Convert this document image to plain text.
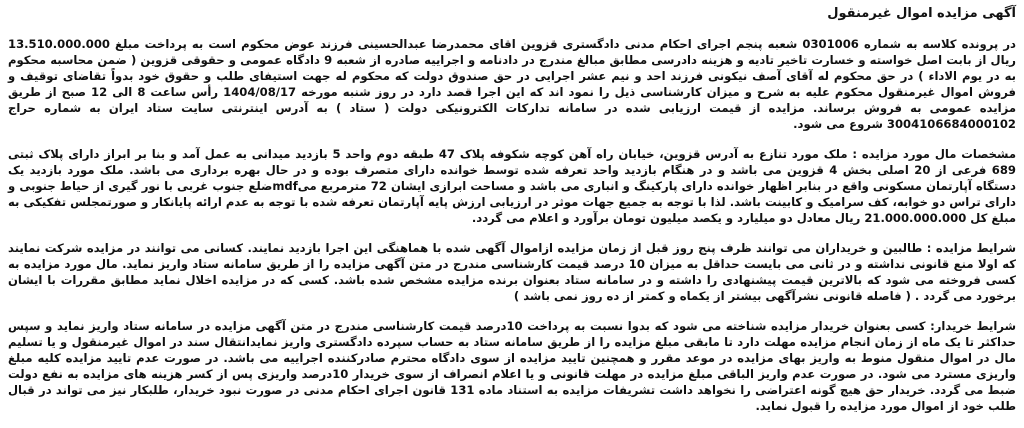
آگهی مزایده اموال غیرمنقول

در پرونده کلاسه به شماره 0301006 شعبه پنجم اجرای احکام مدنی دادگستری قزوین اقای محمدرضا عبدالحسینی فرزند عوض محکوم است به پرداخت مبلغ 13.510.000.000 ریال از بابت اصل خواسته و خسارت تاخیر تادیه و هزینه دادرسی مطابق مبالغ مندرج در دادنامه و اجراییه صادره از شعبه 9 دادگاه عمومی و حقوقی قزوین ( ضمن محاسبه محکوم به در یوم الاداء ) در حق محکوم له آقای آصف نیکونی فرزند احد و نیم عشر اجرایی در حق صندوق دولت که محکوم له جهت استیفای طلب و حقوق خود بدواً تقاضای توقیف و فروش اموال غیرمنقول محکوم علیه به شرح و میزان کارشناسی ذیل را نمود اند که این اجرا قصد دارد در روز شنبه مورخه 1404/08/17 رأس ساعت 8 الی 12 صبح از طریق مزایده عمومی به فروش برساند. مزایده از قیمت ارزیابی شده در سامانه تدارکات الکترونیکی دولت ( ستاد ) به آدرس اینترنتی سایت ستاد ایران به شماره حراج 3004106684000102 شروع می شود.

مشخصات مال مورد مزایده : ملک مورد تنازع به آدرس قزوین، خیابان راه آهن کوچه شکوفه پلاک 47 طبقه دوم واحد 5 بازدید میدانی به عمل آمد و بنا بر ابراز دارای پلاک ثبتی 689 فرعی از 20 اصلی بخش 4 قزوین می باشد و در هنگام بازدید واحد تعرفه شده توسط خوانده دارای متصرف بوده و در حال بهره برداری می باشد. ملک مورد بازدید یک دستگاه آپارتمان مسکونی واقع در بنابر اظهار خوانده دارای پارکینگ و انباری می باشد و مساحت ابرازی ایشان 72 مترمربع میmdfضلع جنوب غربی با نور گیری از حیاط جنوبی و دارای تراس دو خوابه، کف سرامیک و کابینت باشد. لذا با توجه به جمیع جهات موثر در ارزیابی ارزش پایه آپارتمان تعرفه شده با توجه به عدم ارائه پایانکار و صورتمجلس تفکیکی به مبلغ کل 21.000.000.000 ریال معادل دو میلیارد و یکصد میلیون تومان برآورد و اعلام می گردد.

شرایط مزایده : طالبین و خریداران می توانند ظرف پنج روز قبل از زمان مزایده ازاموال آگهی شده با هماهنگی این اجرا بازدید نمایند. کسانی می توانند در مزایده شرکت نمایند که اولا منع قانونی نداشته و در ثانی می بایست حداقل به میزان 10 درصد قیمت کارشناسی مندرج در متن آگهی مزایده را از طریق سامانه ستاد واریز نماید. مال مورد مزایده به کسی فروخته می شود که بالاترین قیمت پیشنهادی را داشته و در سامانه ستاد بعنوان برنده مزایده مشخص شده باشد. کسی که در مزایده اخلال نماید مطابق مقررات با ایشان برخورد می گردد . ( فاصله قانونی نشرآگهی بیشتر از یکماه و کمتر از ده روز نمی باشد )

شرایط خریدار: کسی بعنوان خریدار مزایده شناخته می شود که بدوا نسبت به پرداخت 10درصد قیمت کارشناسی مندرج در متن آگهی مزایده در سامانه ستاد واریز نماید و سپس حداکثر تا یک ماه از زمان انجام مزایده مهلت دارد تا مابقی مبلغ مزایده را از طریق سامانه ستاد به حساب سپرده دادگستری واریز نمایدانتقال سند در اموال غیرمنقول و یا تسلیم مال در اموال منقول منوط به واریز بهای مزایده در موعد مقرر و همچنین تایید مزایده از سوی دادگاه محترم صادرکننده اجراییه می باشد. در صورت عدم تایید مزایده کلیه مبلغ واریزی مسترد می شود. در صورت عدم واریز الباقی مبلغ مزایده در مهلت قانونی و یا اعلام انصراف از سوی خریدار 10درصد واریزی پس از کسر هزینه های مزایده به نفع دولت ضبط می گردد. خریدار حق هیچ گونه اعتراضی را نخواهد داشت تشریفات مزایده به استناد ماده 131 قانون اجرای احکام مدنی در صورت نبود خریدار، طلبکار نیز می تواند در قبال طلب خود از اموال مورد مزایده را قبول نماید.
